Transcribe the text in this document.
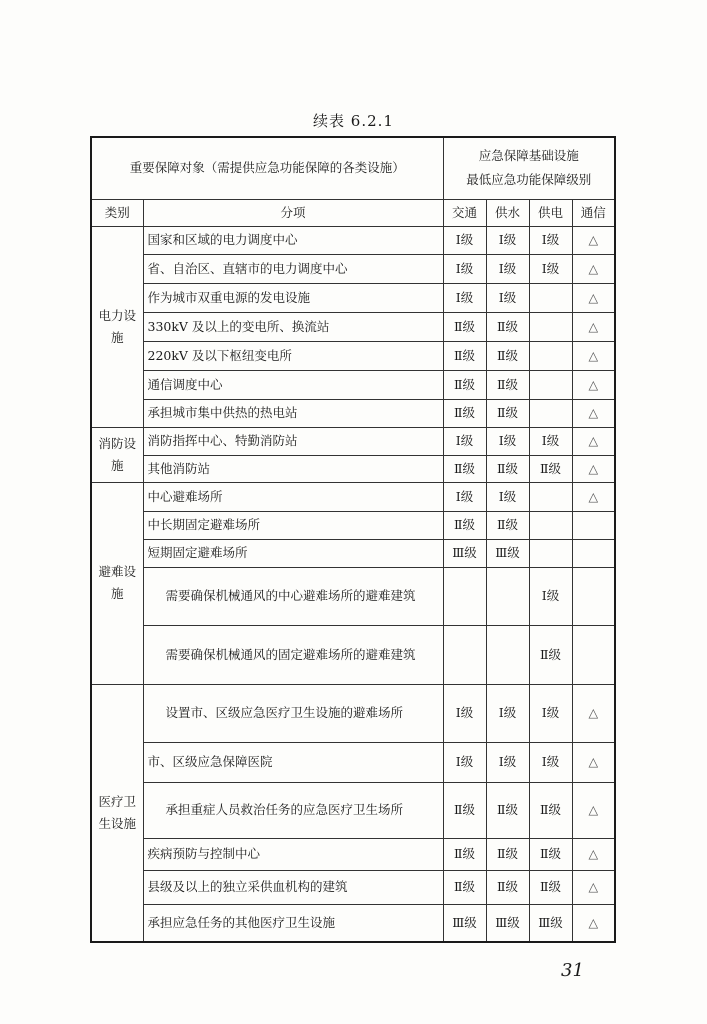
续表 6.2.1
重要保障对象（需提供应急功能保障的各类设施）		应急保障基础设施
最低应急功能保障级别			
类别	分项	交通	供水	供电	通信
电力设施	国家和区域的电力调度中心	Ⅰ级	Ⅰ级	Ⅰ级	△
	省、自治区、直辖市的电力调度中心	Ⅰ级	Ⅰ级	Ⅰ级	△
	作为城市双重电源的发电设施	Ⅰ级	Ⅰ级		△
	330kV 及以上的变电所、换流站	Ⅱ级	Ⅱ级		△
	220kV 及以下枢纽变电所	Ⅱ级	Ⅱ级		△
	通信调度中心	Ⅱ级	Ⅱ级		△
	承担城市集中供热的热电站	Ⅱ级	Ⅱ级		△
消防设施	消防指挥中心、特勤消防站	Ⅰ级	Ⅰ级	Ⅰ级	△
	其他消防站	Ⅱ级	Ⅱ级	Ⅱ级	△
避难设施	中心避难场所	Ⅰ级	Ⅰ级		△
	中长期固定避难场所	Ⅱ级	Ⅱ级		
	短期固定避难场所	Ⅲ级	Ⅲ级		
	需要确保机械通风的中心避难场所的避难建筑			Ⅰ级	
	需要确保机械通风的固定避难场所的避难建筑			Ⅱ级	
医疗卫生设施	设置市、区级应急医疗卫生设施的避难场所	Ⅰ级	Ⅰ级	Ⅰ级	△
	市、区级应急保障医院	Ⅰ级	Ⅰ级	Ⅰ级	△
	承担重症人员救治任务的应急医疗卫生场所	Ⅱ级	Ⅱ级	Ⅱ级	△
	疾病预防与控制中心	Ⅱ级	Ⅱ级	Ⅱ级	△
	县级及以上的独立采供血机构的建筑	Ⅱ级	Ⅱ级	Ⅱ级	△
	承担应急任务的其他医疗卫生设施	Ⅲ级	Ⅲ级	Ⅲ级	△
31
